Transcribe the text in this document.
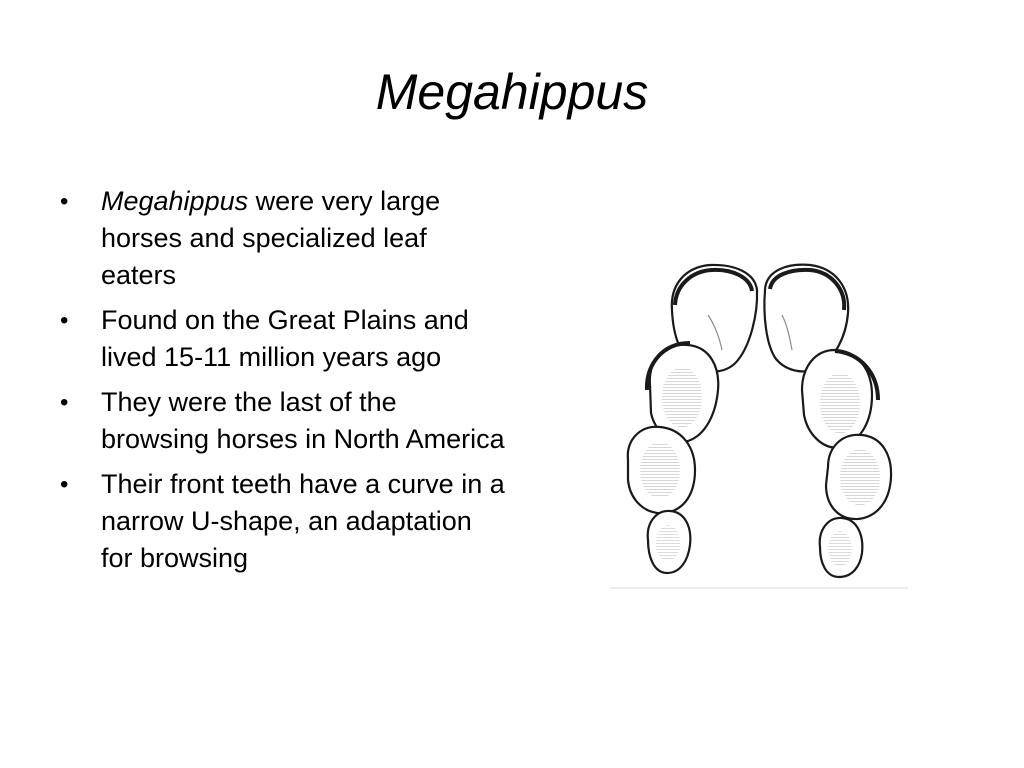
Megahippus
•	Megahippus were very large horses and specialized leaf eaters
•	Found on the Great Plains and lived 15-11 million years ago
•	They were the last of the browsing horses in North America
•	Their front teeth have a curve in a narrow U-shape, an adaptation for browsing
